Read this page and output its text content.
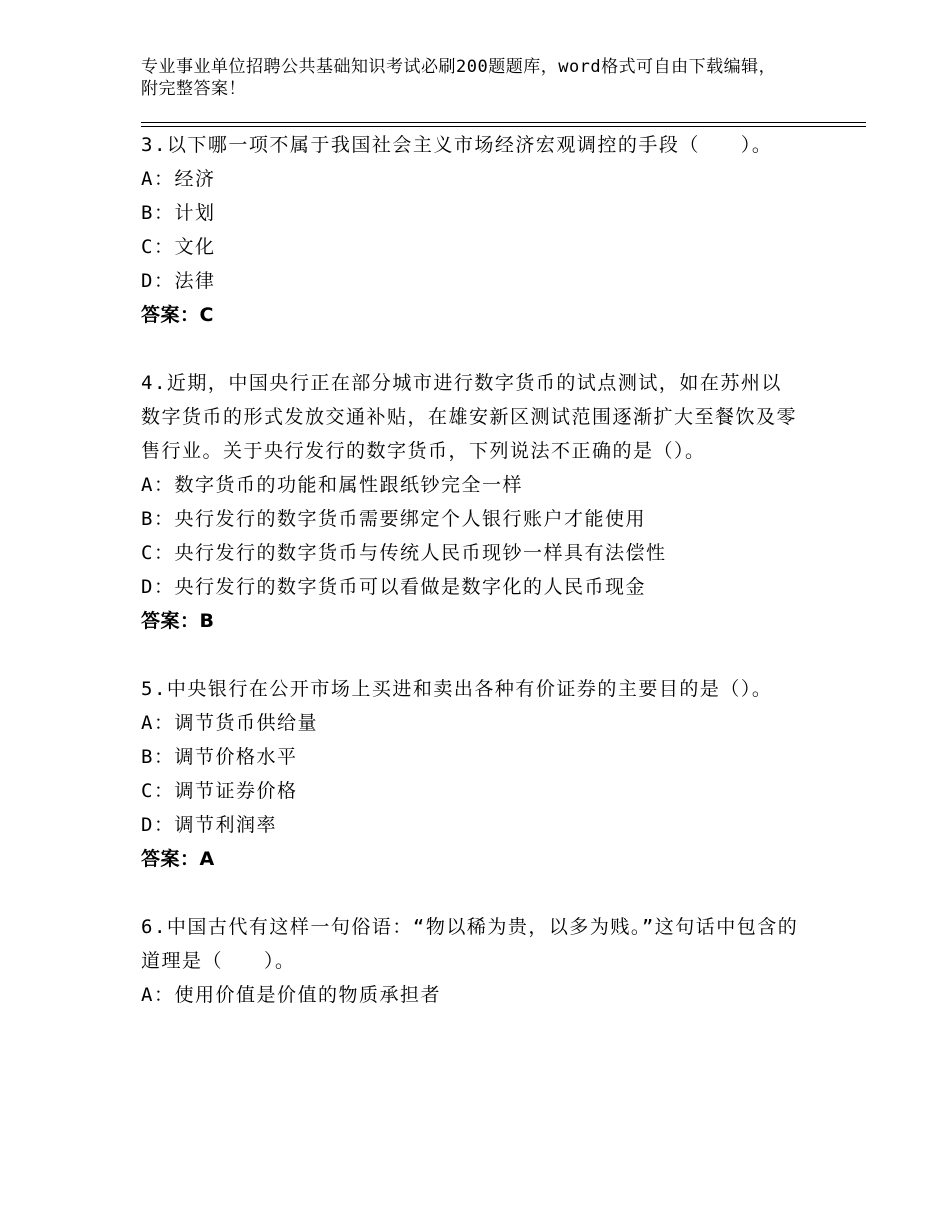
专业事业单位招聘公共基础知识考试必刷200题题库，word格式可自由下载编辑，附完整答案！

3.以下哪一项不属于我国社会主义市场经济宏观调控的手段（　　）。

A：经济

B：计划

C：文化

D：法律

答案：C

4.近期，中国央行正在部分城市进行数字货币的试点测试，如在苏州以数字货币的形式发放交通补贴，在雄安新区测试范围逐渐扩大至餐饮及零售行业。关于央行发行的数字货币，下列说法不正确的是（）。

A：数字货币的功能和属性跟纸钞完全一样

B：央行发行的数字货币需要绑定个人银行账户才能使用

C：央行发行的数字货币与传统人民币现钞一样具有法偿性

D：央行发行的数字货币可以看做是数字化的人民币现金

答案：B

5.中央银行在公开市场上买进和卖出各种有价证券的主要目的是（）。

A：调节货币供给量

B：调节价格水平

C：调节证券价格

D：调节利润率

答案：A

6.中国古代有这样一句俗语：“物以稀为贵，以多为贱。”这句话中包含的道理是（　　）。

A：使用价值是价值的物质承担者
